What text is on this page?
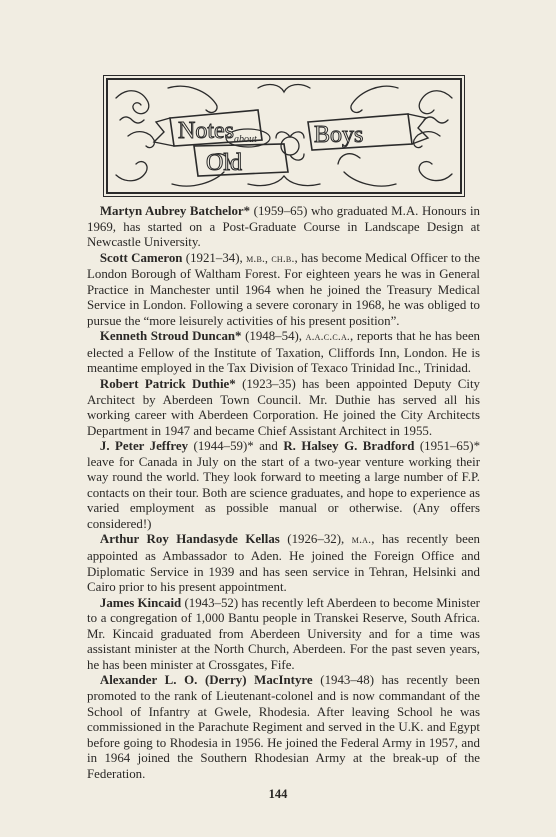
Notes	Boys
Old
about

 Martyn Aubrey Batchelor* (1959–65) who graduated M.A. Honours in 1969, has started on a Post-Graduate Course in Landscape Design at Newcastle University.

 Scott Cameron (1921–34), m.b., ch.b., has become Medical Officer to the London Borough of Waltham Forest. For eighteen years he was in General Practice in Manchester until 1964 when he joined the Treasury Medical Service in London. Following a severe coronary in 1968, he was obliged to pursue the “more leisurely activities of his present position”.

 Kenneth Stroud Duncan* (1948–54), a.a.c.c.a., reports that he has been elected a Fellow of the Institute of Taxation, Cliffords Inn, London. He is meantime employed in the Tax Division of Texaco Trinidad Inc., Trinidad.

 Robert Patrick Duthie* (1923–35) has been appointed Deputy City Architect by Aberdeen Town Council. Mr. Duthie has served all his working career with Aberdeen Corporation. He joined the City Architects Department in 1947 and became Chief Assistant Architect in 1955.

 J. Peter Jeffrey (1944–59)* and R. Halsey G. Bradford (1951–65)* leave for Canada in July on the start of a two-year venture working their way round the world. They look forward to meeting a large number of F.P. contacts on their tour. Both are science graduates, and hope to experience as varied employment as possible manual or otherwise. (Any offers considered!)

 Arthur Roy Handasyde Kellas (1926–32), m.a., has recently been appointed as Ambassador to Aden. He joined the Foreign Office and Diplomatic Service in 1939 and has seen service in Tehran, Helsinki and Cairo prior to his present appointment.

 James Kincaid (1943–52) has recently left Aberdeen to become Minister to a congregation of 1,000 Bantu people in Transkei Reserve, South Africa. Mr. Kincaid graduated from Aberdeen University and for a time was assistant minister at the North Church, Aberdeen. For the past seven years, he has been minister at Crossgates, Fife.

 Alexander L. O. (Derry) MacIntyre (1943–48) has recently been promoted to the rank of Lieutenant-colonel and is now commandant of the School of Infantry at Gwele, Rhodesia. After leaving School he was commissioned in the Parachute Regiment and served in the U.K. and Egypt before going to Rhodesia in 1956. He joined the Federal Army in 1957, and in 1964 joined the Southern Rhodesian Army at the break-up of the Federation.

144
